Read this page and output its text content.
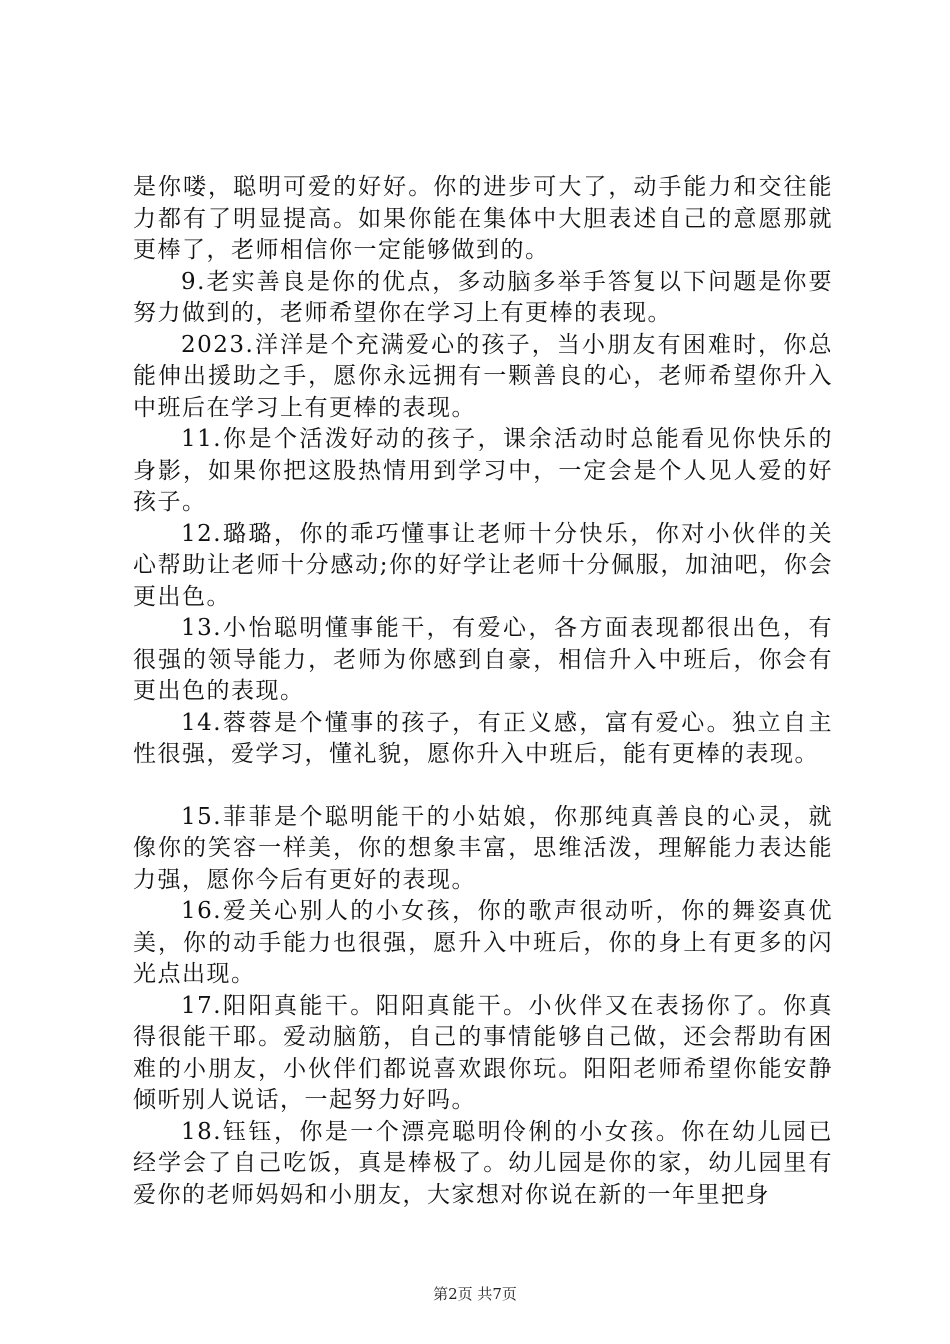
是你喽，聪明可爱的好好。你的进步可大了，动手能力和交往能力都有了明显提高。如果你能在集体中大胆表述自己的意愿那就更棒了，老师相信你一定能够做到的。

9.老实善良是你的优点，多动脑多举手答复以下问题是你要努力做到的，老师希望你在学习上有更棒的表现。

2023.洋洋是个充满爱心的孩子，当小朋友有困难时，你总能伸出援助之手，愿你永远拥有一颗善良的心，老师希望你升入中班后在学习上有更棒的表现。

11.你是个活泼好动的孩子，课余活动时总能看见你快乐的身影，如果你把这股热情用到学习中，一定会是个人见人爱的好孩子。

12.璐璐，你的乖巧懂事让老师十分快乐，你对小伙伴的关心帮助让老师十分感动;你的好学让老师十分佩服，加油吧，你会更出色。

13.小怡聪明懂事能干，有爱心，各方面表现都很出色，有很强的领导能力，老师为你感到自豪，相信升入中班后，你会有更出色的表现。

14.蓉蓉是个懂事的孩子，有正义感，富有爱心。独立自主性很强，爱学习，懂礼貌，愿你升入中班后，能有更棒的表现。

15.菲菲是个聪明能干的小姑娘，你那纯真善良的心灵，就像你的笑容一样美，你的想象丰富，思维活泼，理解能力表达能力强，愿你今后有更好的表现。

16.爱关心别人的小女孩，你的歌声很动听，你的舞姿真优美，你的动手能力也很强，愿升入中班后，你的身上有更多的闪光点出现。

17.阳阳真能干。阳阳真能干。小伙伴又在表扬你了。你真得很能干耶。爱动脑筋，自己的事情能够自己做，还会帮助有困难的小朋友，小伙伴们都说喜欢跟你玩。阳阳老师希望你能安静倾听别人说话，一起努力好吗。

18.钰钰，你是一个漂亮聪明伶俐的小女孩。你在幼儿园已经学会了自己吃饭，真是棒极了。幼儿园是你的家，幼儿园里有爱你的老师妈妈和小朋友，大家想对你说在新的一年里把身

第2页 共7页
